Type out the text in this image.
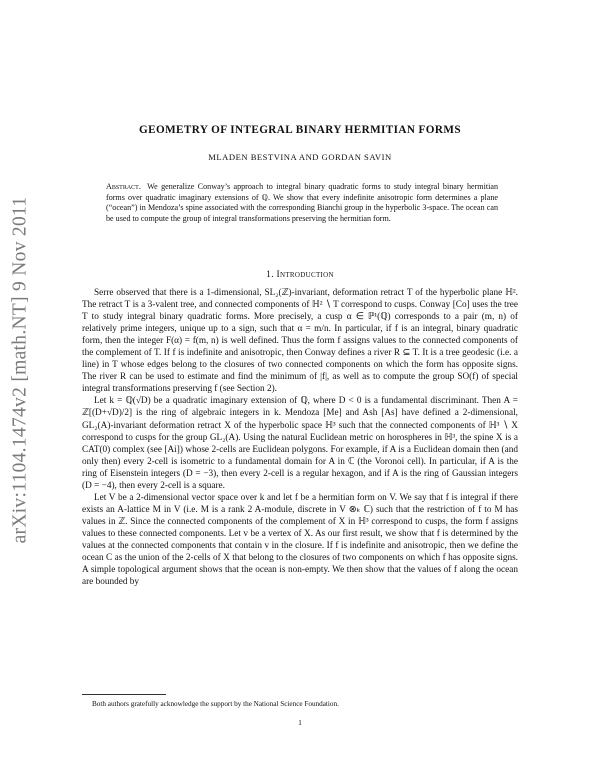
arXiv:1104.1474v2 [math.NT] 9 Nov 2011
GEOMETRY OF INTEGRAL BINARY HERMITIAN FORMS
MLADEN BESTVINA AND GORDAN SAVIN

Abstract. We generalize Conway’s approach to integral binary quadratic forms to study integral binary hermitian forms over quadratic imaginary extensions of ℚ. We show that every indefinite anisotropic form determines a plane (“ocean”) in Mendoza’s spine associated with the corresponding Bianchi group in the hyperbolic 3-space. The ocean can be used to compute the group of integral transformations preserving the hermitian form.

1. Introduction

Serre observed that there is a 1-dimensional, SL₂(ℤ)-invariant, deformation retract T of the hyperbolic plane ℍ². The retract T is a 3-valent tree, and connected components of ℍ² ∖ T correspond to cusps. Conway [Co] uses the tree T to study integral binary quadratic forms. More precisely, a cusp α ∈ ℙ¹(ℚ) corresponds to a pair (m, n) of relatively prime integers, unique up to a sign, such that α = m/n. In particular, if f is an integral, binary quadratic form, then the integer F(α) = f(m, n) is well defined. Thus the form f assigns values to the connected components of the complement of T. If f is indefinite and anisotropic, then Conway defines a river R ⊆ T. It is a tree geodesic (i.e. a line) in T whose edges belong to the closures of two connected components on which the form has opposite signs. The river R can be used to estimate and find the minimum of |f|, as well as to compute the group SO(f) of special integral transformations preserving f (see Section 2).

Let k = ℚ(√D) be a quadratic imaginary extension of ℚ, where D < 0 is a fundamental discriminant. Then A = ℤ[(D+√D)/2] is the ring of algebraic integers in k. Mendoza [Me] and Ash [As] have defined a 2-dimensional, GL₂(A)-invariant deformation retract X of the hyperbolic space ℍ³ such that the connected components of ℍ³ ∖ X correspond to cusps for the group GL₂(A). Using the natural Euclidean metric on horospheres in ℍ³, the spine X is a CAT(0) complex (see [Ai]) whose 2-cells are Euclidean polygons. For example, if A is a Euclidean domain then (and only then) every 2-cell is isometric to a fundamental domain for A in ℂ (the Voronoi cell). In particular, if A is the ring of Eisenstein integers (D = −3), then every 2-cell is a regular hexagon, and if A is the ring of Gaussian integers (D = −4), then every 2-cell is a square.

Let V be a 2-dimensional vector space over k and let f be a hermitian form on V. We say that f is integral if there exists an A-lattice M in V (i.e. M is a rank 2 A-module, discrete in V ⊗ₖ ℂ) such that the restriction of f to M has values in ℤ. Since the connected components of the complement of X in ℍ³ correspond to cusps, the form f assigns values to these connected components. Let v be a vertex of X. As our first result, we show that f is determined by the values at the connected components that contain v in the closure. If f is indefinite and anisotropic, then we define the ocean C as the union of the 2-cells of X that belong to the closures of two components on which f has opposite signs. A simple topological argument shows that the ocean is non-empty. We then show that the values of f along the ocean are bounded by

Both authors gratefully acknowledge the support by the National Science Foundation.
1
